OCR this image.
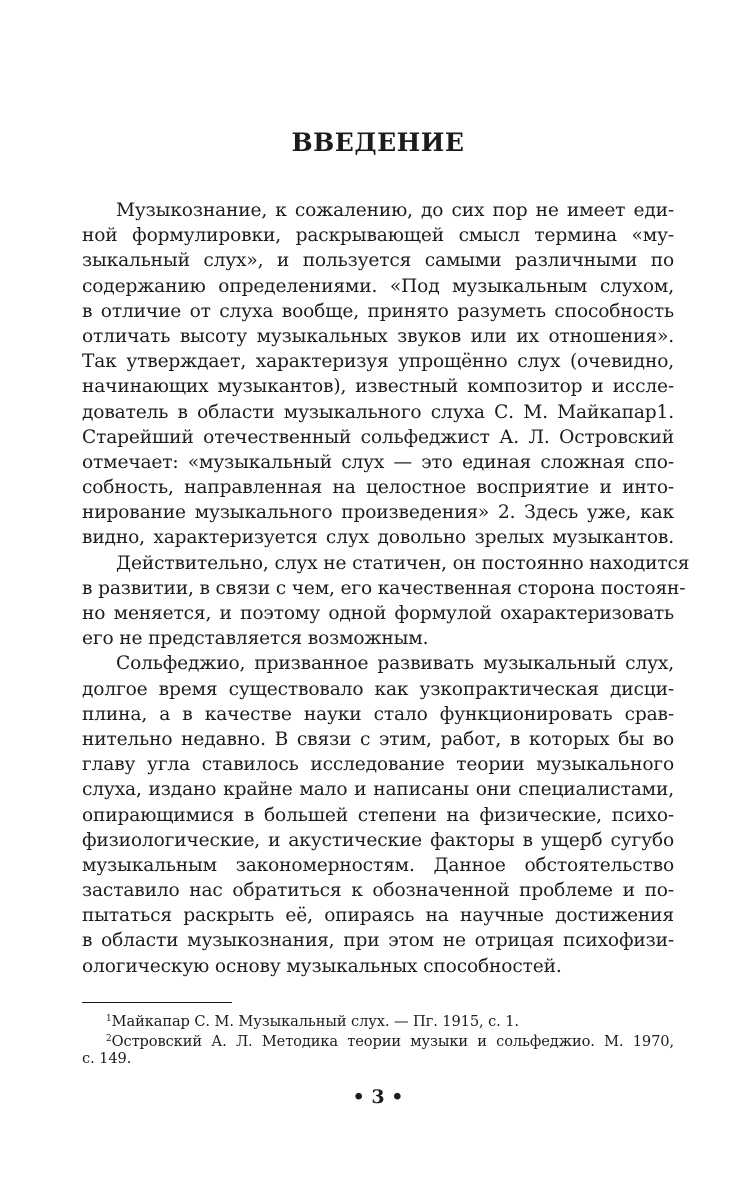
ВВЕДЕНИЕ
Музыкознание, к сожалению, до сих пор не имеет еди-
ной формулировки, раскрывающей смысл термина «му-
зыкальный слух», и пользуется самыми различными по
содержанию определениями. «Под музыкальным слухом,
в отличие от слуха вообще, принято разуметь способность
отличать высоту музыкальных звуков или их отношения».
Так утверждает, характеризуя упрощённо слух (очевидно,
начинающих музыкантов), известный композитор и иссле-
дователь в области музыкального слуха С. М. Майкапар1.
Старейший отечественный сольфеджист А. Л. Островский
отмечает: «музыкальный слух — это единая сложная спо-
собность, направленная на целостное восприятие и инто-
нирование музыкального произведения» 2. Здесь уже, как
видно, характеризуется слух довольно зрелых музыкантов.
Действительно, слух не статичен, он постоянно находится
в развитии, в связи с чем, его качественная сторона постоян-
но меняется, и поэтому одной формулой охарактеризовать
его не представляется возможным.
Сольфеджио, призванное развивать музыкальный слух,
долгое время существовало как узкопрактическая дисци-
плина, а в качестве науки стало функционировать срав-
нительно недавно. В связи с этим, работ, в которых бы во
главу угла ставилось исследование теории музыкального
слуха, издано крайне мало и написаны они специалистами,
опирающимися в большей степени на физические, психо-
физиологические, и акустические факторы в ущерб сугубо
музыкальным закономерностям. Данное обстоятельство
заставило нас обратиться к обозначенной проблеме и по-
пытаться раскрыть её, опираясь на научные достижения
в области музыкознания, при этом не отрицая психофизи-
ологическую основу музыкальных способностей.
$^1$Майкапар С. М. Музыкальный слух. — Пг. 1915, с. 1.
$^2$Островский А. Л. Методика теории музыки и сольфеджио. М. 1970,
с. 149.
• 3 •
